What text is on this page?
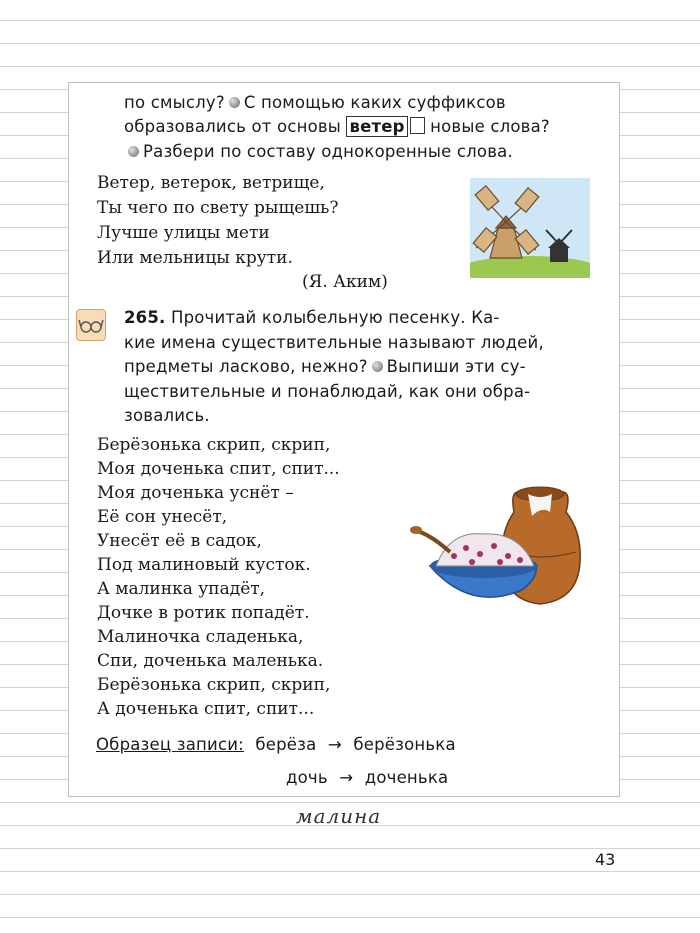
по смыслу? С помощью каких суффиксов
образовались от основы ветер новые слова?
Разбери по составу однокоренные слова.
Ветер, ветерок, ветрище,
Ты чего по свету рыщешь?
Лучше улицы мети
Или мельницы крути.
(Я. Аким)
265. Прочитай колыбельную песенку. Ка-
кие имена существительные называют людей,
предметы ласково, нежно? Выпиши эти су-
ществительные и понаблюдай, как они обра-
зовались.
Берёзонька скрип, скрип,
Моя доченька спит, спит...
Моя доченька уснёт –
Её сон унесёт,
Унесёт её в садок,
Под малиновый кусток.
А малинка упадёт,
Дочке в ротик попадёт.
Малиночка сладенька,
Спи, доченька маленька.
Берёзонька скрип, скрип,
А доченька спит, спит...
Образец записи: берёза → берёзонька
дочь → доченька
малина
43
